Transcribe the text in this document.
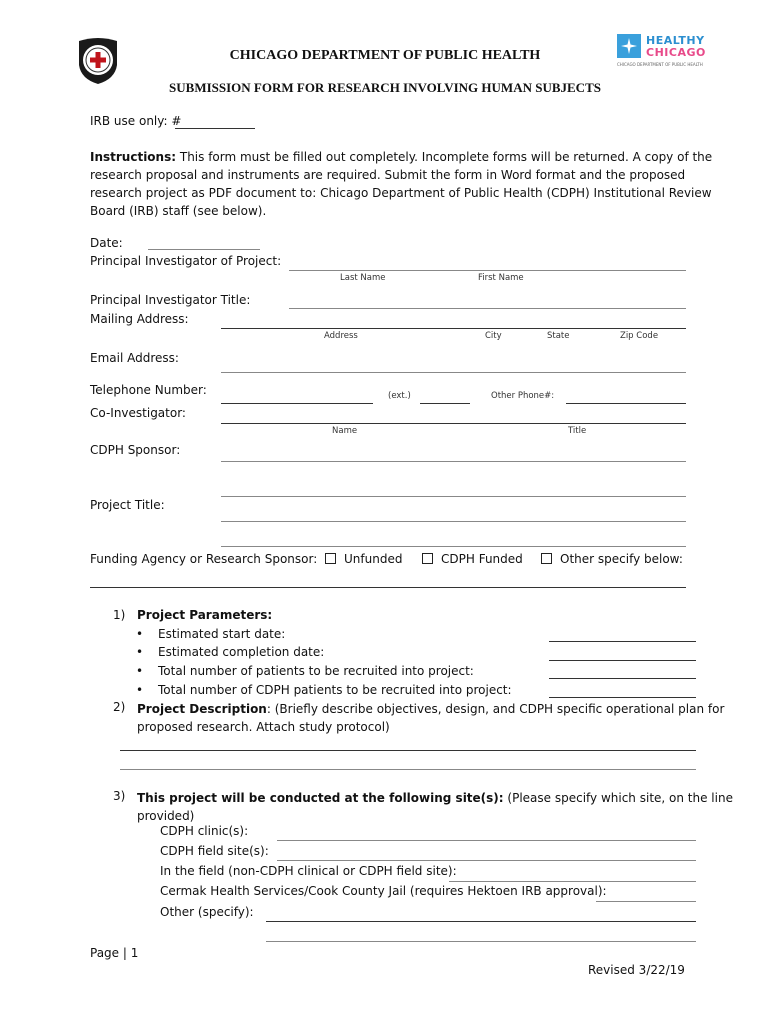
CHICAGO DEPARTMENT OF PUBLIC HEALTH
SUBMISSION FORM FOR RESEARCH INVOLVING HUMAN SUBJECTS
HEALTHY
CHICAGO
CHICAGO DEPARTMENT OF PUBLIC HEALTH
IRB use only: #
Instructions: This form must be filled out completely. Incomplete forms will be returned. A copy of the
research proposal and instruments are required. Submit the form in Word format and the proposed
research project as PDF document to: Chicago Department of Public Health (CDPH) Institutional Review
Board (IRB) staff (see below).
Date:
Principal Investigator of Project:
Last Name	First Name
Principal Investigator Title:
Mailing Address:
Address	City	State	Zip Code
Email Address:
Telephone Number:	(ext.)	Other Phone#:
Co-Investigator:
Name	Title
CDPH Sponsor:
Project Title:
Funding Agency or Research Sponsor:	Unfunded	CDPH Funded	Other specify below:
1) Project Parameters:
• Estimated start date:
• Estimated completion date:
• Total number of patients to be recruited into project:
• Total number of CDPH patients to be recruited into project:
2) Project Description: (Briefly describe objectives, design, and CDPH specific operational plan for
proposed research. Attach study protocol)
3) This project will be conducted at the following site(s): (Please specify which site, on the line
provided)
CDPH clinic(s):
CDPH field site(s):
In the field (non-CDPH clinical or CDPH field site):
Cermak Health Services/Cook County Jail (requires Hektoen IRB approval):
Other (specify):
Page | 1
Revised 3/22/19
